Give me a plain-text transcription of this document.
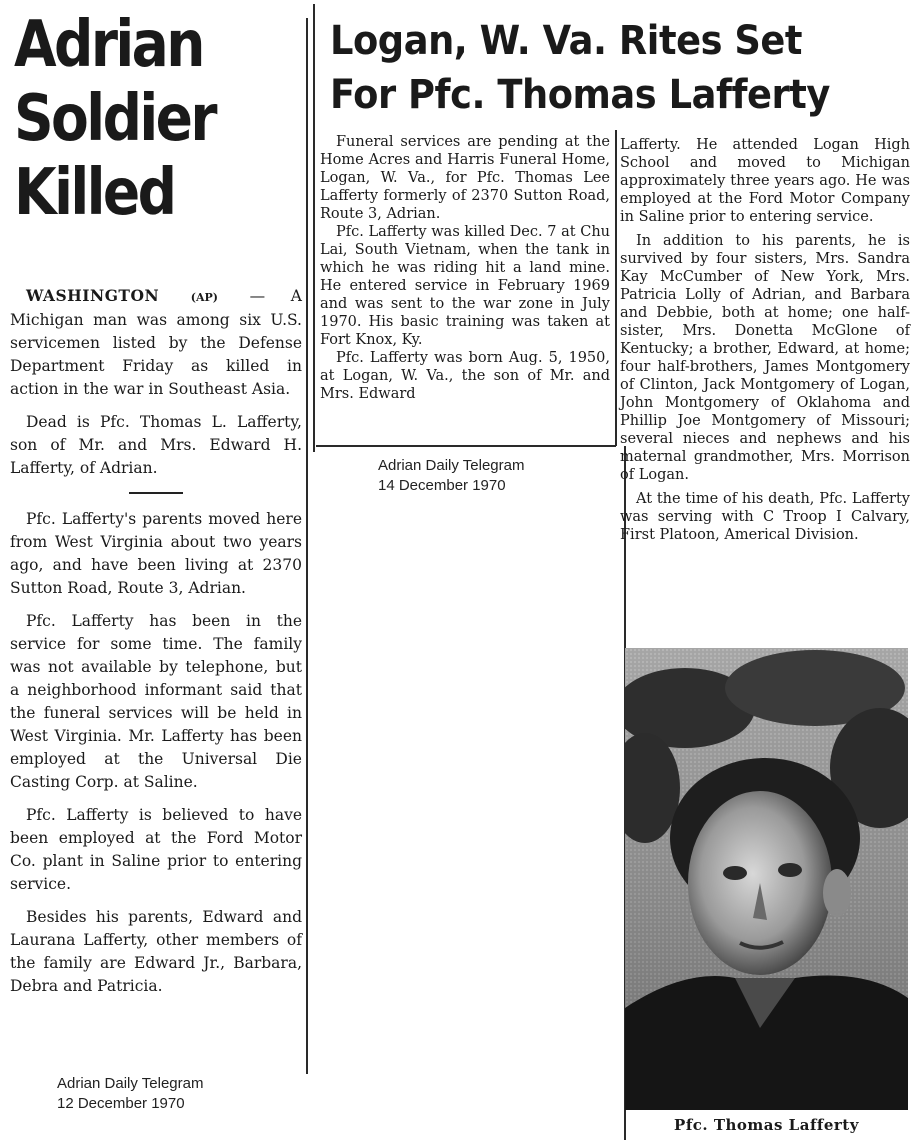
Adrian
Soldier
Killed

WASHINGTON	(AP) — A Michigan man was among six U.S. servicemen listed by the Defense Department Friday as killed in action in the war in Southeast Asia.

Dead is Pfc. Thomas L. Lafferty, son of Mr. and Mrs. Edward H. Lafferty, of Adrian.

Pfc. Lafferty's parents moved here from West Virginia about two years ago, and have been living at 2370 Sutton Road, Route 3, Adrian.

Pfc. Lafferty has been in the service for some time. The family was not available by telephone, but a neighborhood informant said that the funeral services will be held in West Virginia. Mr. Lafferty has been employed at the Universal Die Casting Corp. at Saline.

Pfc. Lafferty is believed to have been employed at the Ford Motor Co. plant in Saline prior to entering service.

Besides his parents, Edward and Laurana Lafferty, other members of the family are Edward Jr., Barbara, Debra and Patricia.

Adrian Daily Telegram
12 December 1970
Logan, W. Va. Rites Set
For Pfc. Thomas Lafferty

Funeral services are pending at the Home Acres and Harris Funeral Home, Logan, W. Va., for Pfc. Thomas Lee Lafferty formerly of 2370 Sutton Road, Route 3, Adrian.

Pfc. Lafferty was killed Dec. 7 at Chu Lai, South Vietnam, when the tank in which he was riding hit a land mine. He entered service in February 1969 and was sent to the war zone in July 1970. His basic training was taken at Fort Knox, Ky.

Pfc. Lafferty was born Aug. 5, 1950, at Logan, W. Va., the son of Mr. and Mrs. Edward

Adrian Daily Telegram
14 December 1970

Lafferty. He attended Logan High School and moved to Michigan approximately three years ago. He was employed at the Ford Motor Company in Saline prior to entering service.

In addition to his parents, he is survived by four sisters, Mrs. Sandra Kay McCumber of New York, Mrs. Patricia Lolly of Adrian, and Barbara and Debbie, both at home; one half-sister, Mrs. Donetta McGlone of Kentucky; a brother, Edward, at home; four half-brothers, James Montgomery of Clinton, Jack Montgomery of Logan, John Montgomery of Oklahoma and Phillip Joe Montgomery of Missouri; several nieces and nephews and his maternal grandmother, Mrs. Morrison of Logan.

At the time of his death, Pfc. Lafferty was serving with C Troop I Calvary, First Platoon, Americal Division.

Pfc. Thomas Lafferty
